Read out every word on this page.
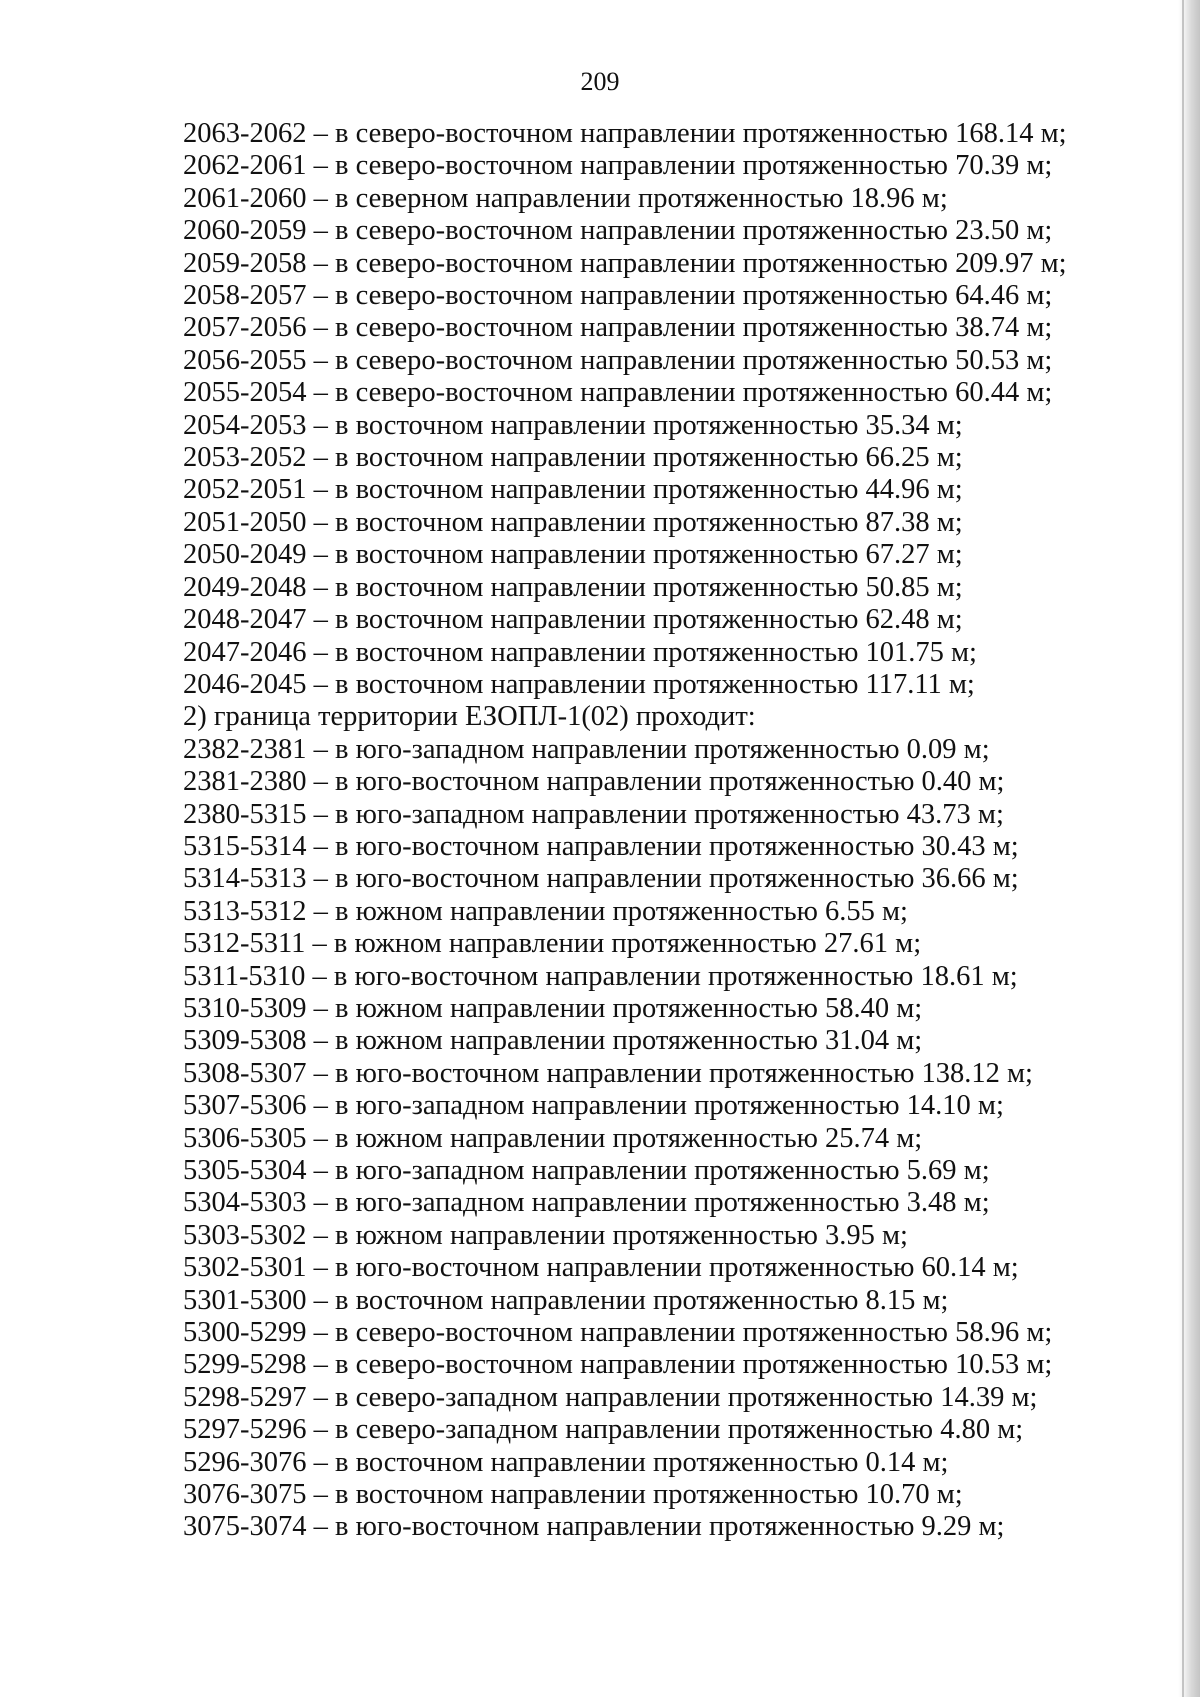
209
2063-2062 – в северо-восточном направлении протяженностью 168.14 м;
2062-2061 – в северо-восточном направлении протяженностью 70.39 м;
2061-2060 – в северном направлении протяженностью 18.96 м;
2060-2059 – в северо-восточном направлении протяженностью 23.50 м;
2059-2058 – в северо-восточном направлении протяженностью 209.97 м;
2058-2057 – в северо-восточном направлении протяженностью 64.46 м;
2057-2056 – в северо-восточном направлении протяженностью 38.74 м;
2056-2055 – в северо-восточном направлении протяженностью 50.53 м;
2055-2054 – в северо-восточном направлении протяженностью 60.44 м;
2054-2053 – в восточном направлении протяженностью 35.34 м;
2053-2052 – в восточном направлении протяженностью 66.25 м;
2052-2051 – в восточном направлении протяженностью 44.96 м;
2051-2050 – в восточном направлении протяженностью 87.38 м;
2050-2049 – в восточном направлении протяженностью 67.27 м;
2049-2048 – в восточном направлении протяженностью 50.85 м;
2048-2047 – в восточном направлении протяженностью 62.48 м;
2047-2046 – в восточном направлении протяженностью 101.75 м;
2046-2045 – в восточном направлении протяженностью 117.11 м;
2) граница территории ЕЗОПЛ-1(02) проходит:
2382-2381 – в юго-западном направлении протяженностью 0.09 м;
2381-2380 – в юго-восточном направлении протяженностью 0.40 м;
2380-5315 – в юго-западном направлении протяженностью 43.73 м;
5315-5314 – в юго-восточном направлении протяженностью 30.43 м;
5314-5313 – в юго-восточном направлении протяженностью 36.66 м;
5313-5312 – в южном направлении протяженностью 6.55 м;
5312-5311 – в южном направлении протяженностью 27.61 м;
5311-5310 – в юго-восточном направлении протяженностью 18.61 м;
5310-5309 – в южном направлении протяженностью 58.40 м;
5309-5308 – в южном направлении протяженностью 31.04 м;
5308-5307 – в юго-восточном направлении протяженностью 138.12 м;
5307-5306 – в юго-западном направлении протяженностью 14.10 м;
5306-5305 – в южном направлении протяженностью 25.74 м;
5305-5304 – в юго-западном направлении протяженностью 5.69 м;
5304-5303 – в юго-западном направлении протяженностью 3.48 м;
5303-5302 – в южном направлении протяженностью 3.95 м;
5302-5301 – в юго-восточном направлении протяженностью 60.14 м;
5301-5300 – в восточном направлении протяженностью 8.15 м;
5300-5299 – в северо-восточном направлении протяженностью 58.96 м;
5299-5298 – в северо-восточном направлении протяженностью 10.53 м;
5298-5297 – в северо-западном направлении протяженностью 14.39 м;
5297-5296 – в северо-западном направлении протяженностью 4.80 м;
5296-3076 – в восточном направлении протяженностью 0.14 м;
3076-3075 – в восточном направлении протяженностью 10.70 м;
3075-3074 – в юго-восточном направлении протяженностью 9.29 м;
